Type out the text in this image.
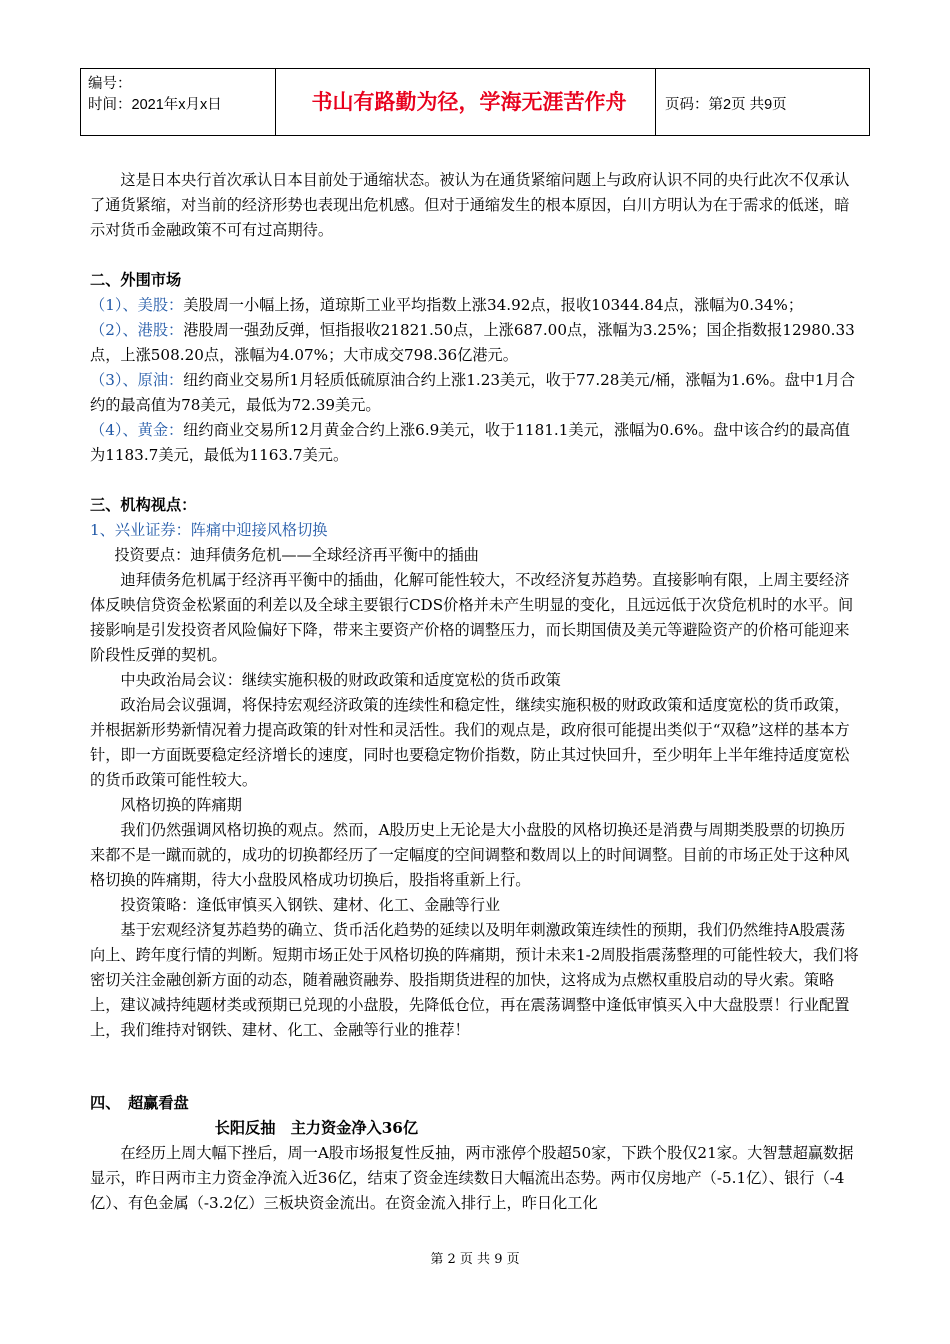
编号：
时间：2021年x月x日	书山有路勤为径，学海无涯苦作舟	页码：第2页 共9页

这是日本央行首次承认日本目前处于通缩状态。被认为在通货紧缩问题上与政府认识不同的央行此次不仅承认了通货紧缩，对当前的经济形势也表现出危机感。但对于通缩发生的根本原因，白川方明认为在于需求的低迷，暗示对货币金融政策不可有过高期待。

二、外围市场

（1）、美股：美股周一小幅上扬，道琼斯工业平均指数上涨34.92点，报收10344.84点，涨幅为0.34%；

（2）、港股：港股周一强劲反弹，恒指报收21821.50点，上涨687.00点，涨幅为3.25%；国企指数报12980.33点，上涨508.20点，涨幅为4.07%；大市成交798.36亿港元。

（3）、原油：纽约商业交易所1月轻质低硫原油合约上涨1.23美元，收于77.28美元/桶，涨幅为1.6%。盘中1月合约的最高值为78美元，最低为72.39美元。

（4）、黄金：纽约商业交易所12月黄金合约上涨6.9美元，收于1181.1美元，涨幅为0.6%。盘中该合约的最高值为1183.7美元，最低为1163.7美元。

三、机构视点：

1、兴业证券：阵痛中迎接风格切换

投资要点：迪拜债务危机——全球经济再平衡中的插曲

迪拜债务危机属于经济再平衡中的插曲，化解可能性较大，不改经济复苏趋势。直接影响有限，上周主要经济体反映信贷资金松紧面的利差以及全球主要银行CDS价格并未产生明显的变化，且远远低于次贷危机时的水平。间接影响是引发投资者风险偏好下降，带来主要资产价格的调整压力，而长期国债及美元等避险资产的价格可能迎来阶段性反弹的契机。

中央政治局会议：继续实施积极的财政政策和适度宽松的货币政策

政治局会议强调，将保持宏观经济政策的连续性和稳定性，继续实施积极的财政政策和适度宽松的货币政策，并根据新形势新情况着力提高政策的针对性和灵活性。我们的观点是，政府很可能提出类似于“双稳”这样的基本方针，即一方面既要稳定经济增长的速度，同时也要稳定物价指数，防止其过快回升，至少明年上半年维持适度宽松的货币政策可能性较大。

风格切换的阵痛期

我们仍然强调风格切换的观点。然而，A股历史上无论是大小盘股的风格切换还是消费与周期类股票的切换历来都不是一蹴而就的，成功的切换都经历了一定幅度的空间调整和数周以上的时间调整。目前的市场正处于这种风格切换的阵痛期，待大小盘股风格成功切换后，股指将重新上行。

投资策略：逢低审慎买入钢铁、建材、化工、金融等行业

基于宏观经济复苏趋势的确立、货币活化趋势的延续以及明年刺激政策连续性的预期，我们仍然维持A股震荡向上、跨年度行情的判断。短期市场正处于风格切换的阵痛期，预计未来1-2周股指震荡整理的可能性较大，我们将密切关注金融创新方面的动态，随着融资融券、股指期货进程的加快，这将成为点燃权重股启动的导火索。策略上，建议减持纯题材类或预期已兑现的小盘股，先降低仓位，再在震荡调整中逢低审慎买入中大盘股票！行业配置上，我们维持对钢铁、建材、化工、金融等行业的推荐！

四、　超赢看盘

长阳反抽　主力资金净入36亿

在经历上周大幅下挫后，周一A股市场报复性反抽，两市涨停个股超50家，下跌个股仅21家。大智慧超赢数据显示，昨日两市主力资金净流入近36亿，结束了资金连续数日大幅流出态势。两市仅房地产（-5.1亿）、银行（-4亿）、有色金属（-3.2亿）三板块资金流出。在资金流入排行上，昨日化工化

第 2 页 共 9 页
